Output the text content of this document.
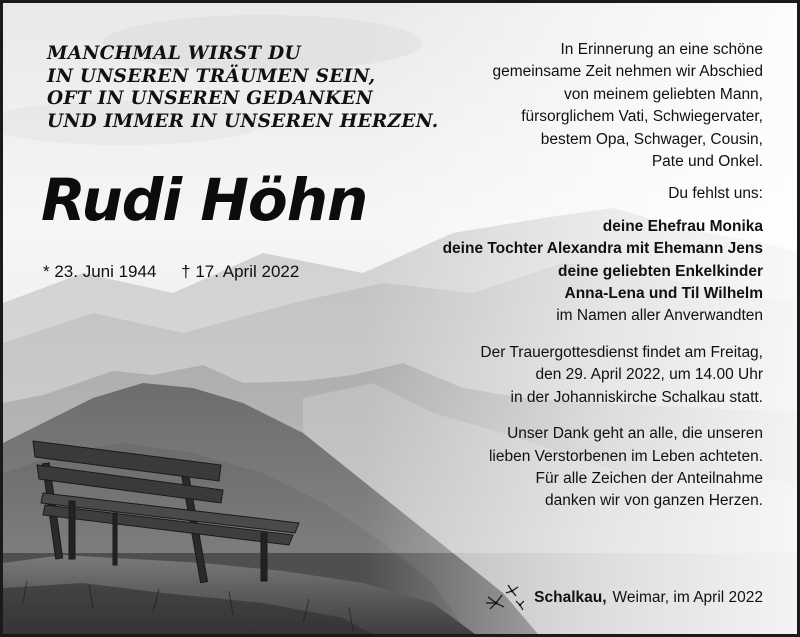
MANCHMAL WIRST DU
IN UNSEREN TRÄUMEN SEIN,
OFT IN UNSEREN GEDANKEN
UND IMMER IN UNSEREN HERZEN.
Rudi Höhn
* 23. Juni 1944 † 17. April 2022
In Erinnerung an eine schöne
gemeinsame Zeit nehmen wir Abschied
von meinem geliebten Mann,
fürsorglichem Vati, Schwiegervater,
bestem Opa, Schwager, Cousin,
Pate und Onkel.
Du fehlst uns:
deine Ehefrau Monika
deine Tochter Alexandra mit Ehemann Jens
deine geliebten Enkelkinder
Anna-Lena und Til Wilhelm
im Namen aller Anverwandten
Der Trauergottesdienst findet am Freitag,
den 29. April 2022, um 14.00 Uhr
in der Johanniskirche Schalkau statt.
Unser Dank geht an alle, die unseren
lieben Verstorbenen im Leben achteten.
Für alle Zeichen der Anteilnahme
danken wir von ganzen Herzen.
Schalkau, Weimar, im April 2022
